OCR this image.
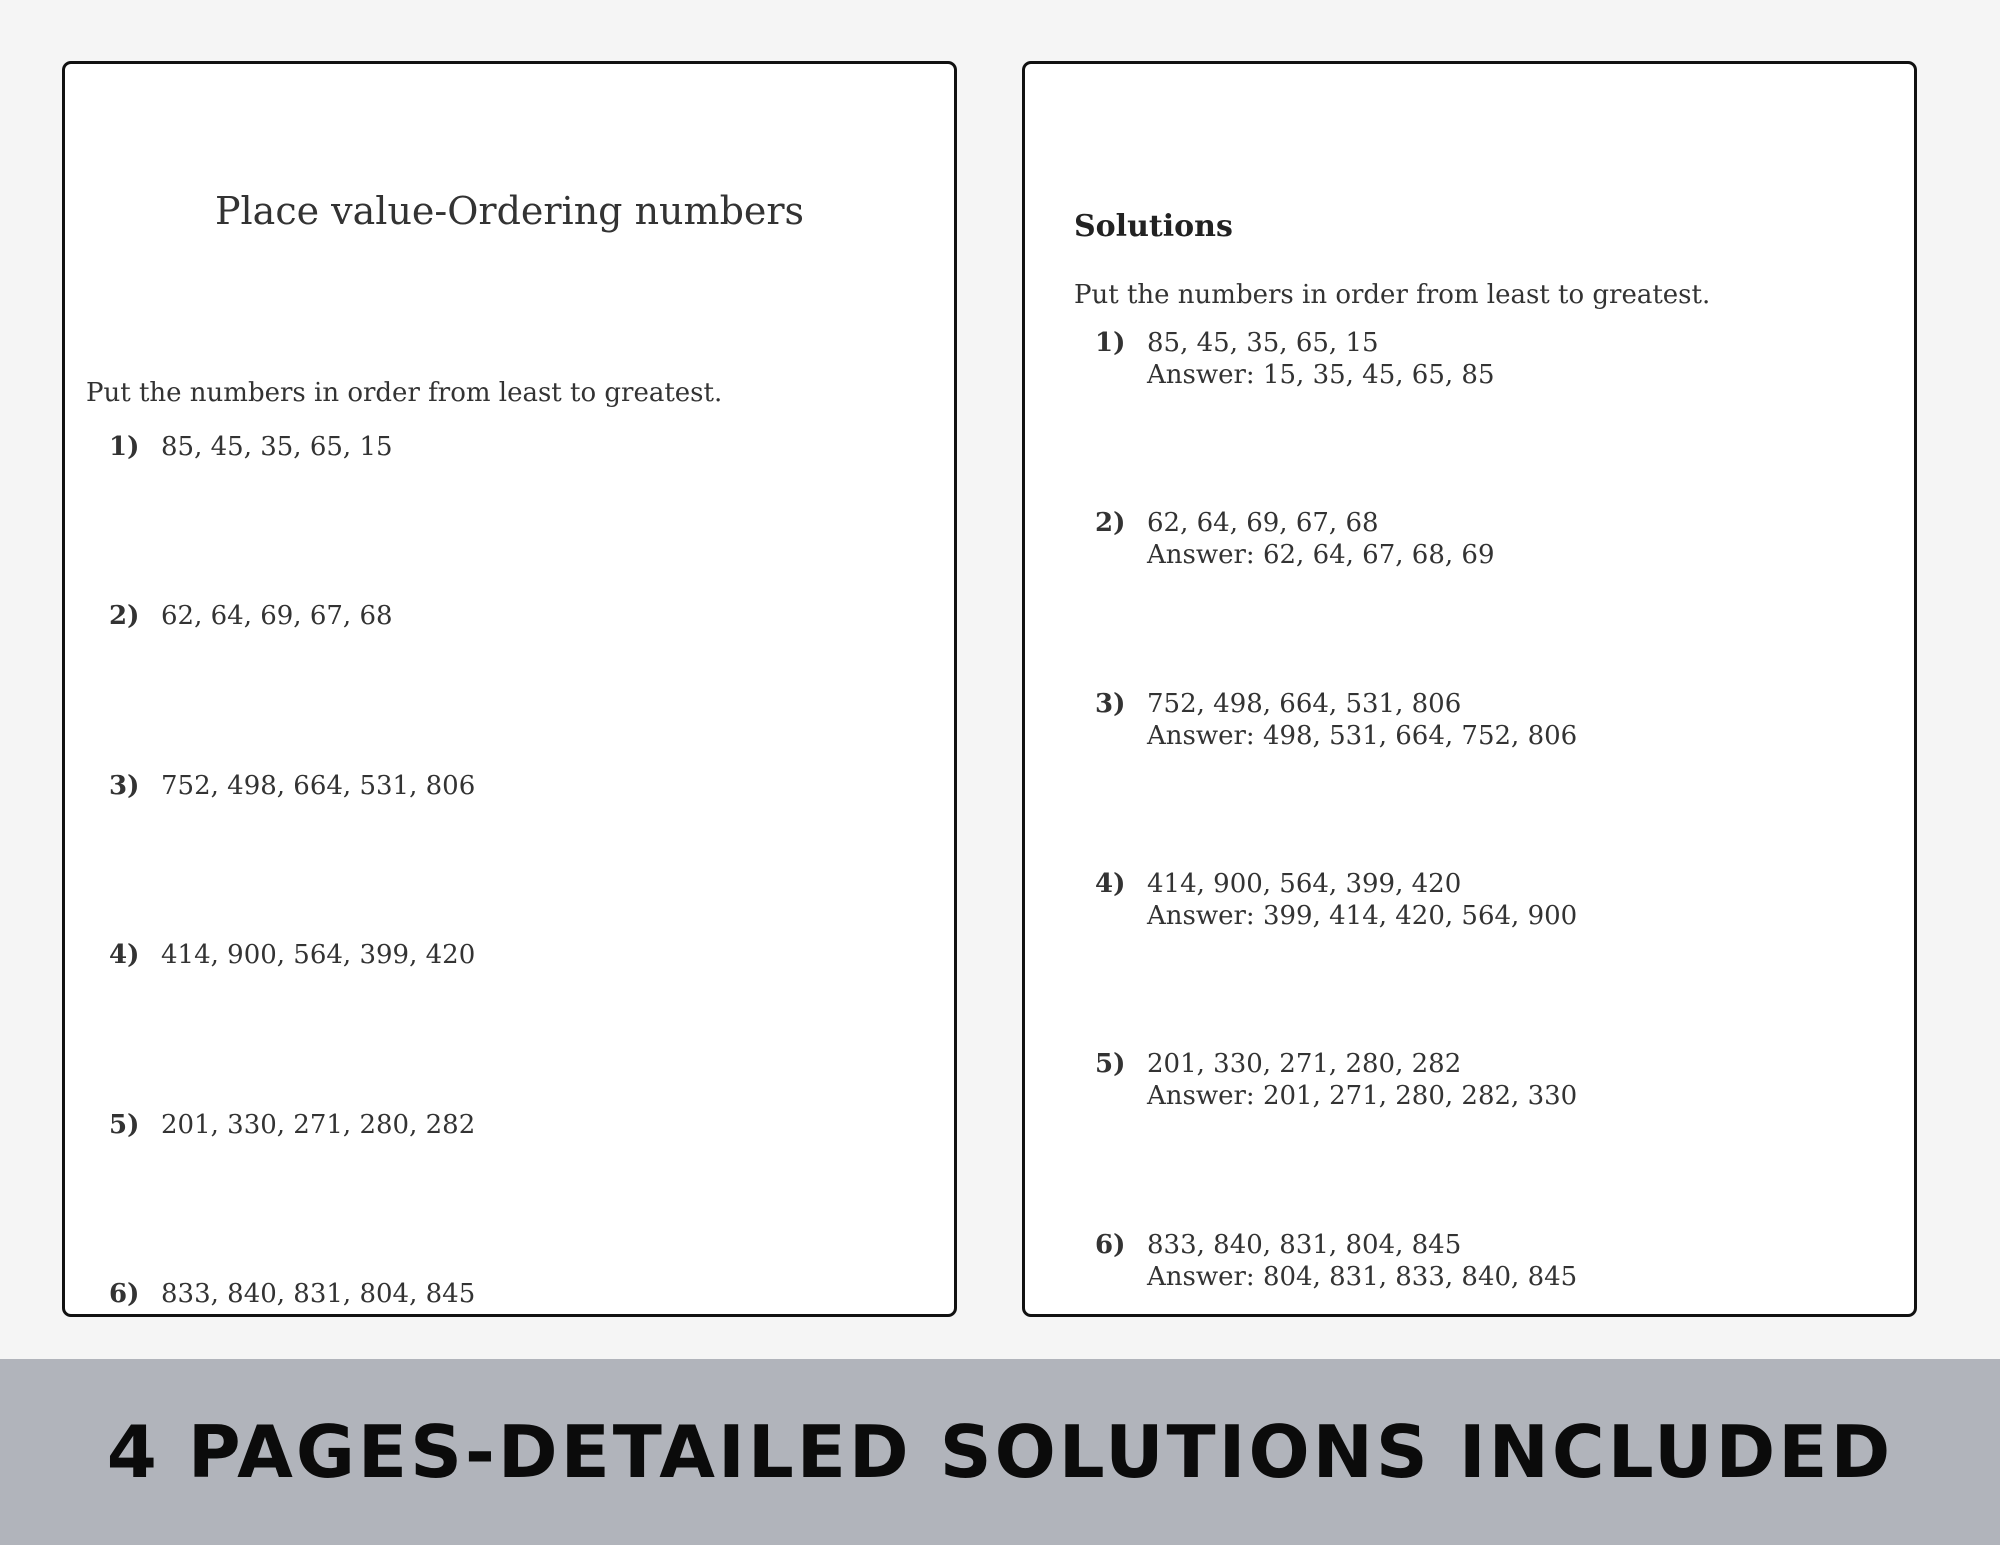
Place value-Ordering numbers

Put the numbers in order from least to greatest.

1) 85, 45, 35, 65, 15
2) 62, 64, 69, 67, 68
3) 752, 498, 664, 531, 806
4) 414, 900, 564, 399, 420
5) 201, 330, 271, 280, 282
6) 833, 840, 831, 804, 845
Solutions

Put the numbers in order from least to greatest.

1) 85, 45, 35, 65, 15
Answer: 15, 35, 45, 65, 85
2) 62, 64, 69, 67, 68
Answer: 62, 64, 67, 68, 69
3) 752, 498, 664, 531, 806
Answer: 498, 531, 664, 752, 806
4) 414, 900, 564, 399, 420
Answer: 399, 414, 420, 564, 900
5) 201, 330, 271, 280, 282
Answer: 201, 271, 280, 282, 330
6) 833, 840, 831, 804, 845
Answer: 804, 831, 833, 840, 845

4 PAGES-DETAILED SOLUTIONS INCLUDED
